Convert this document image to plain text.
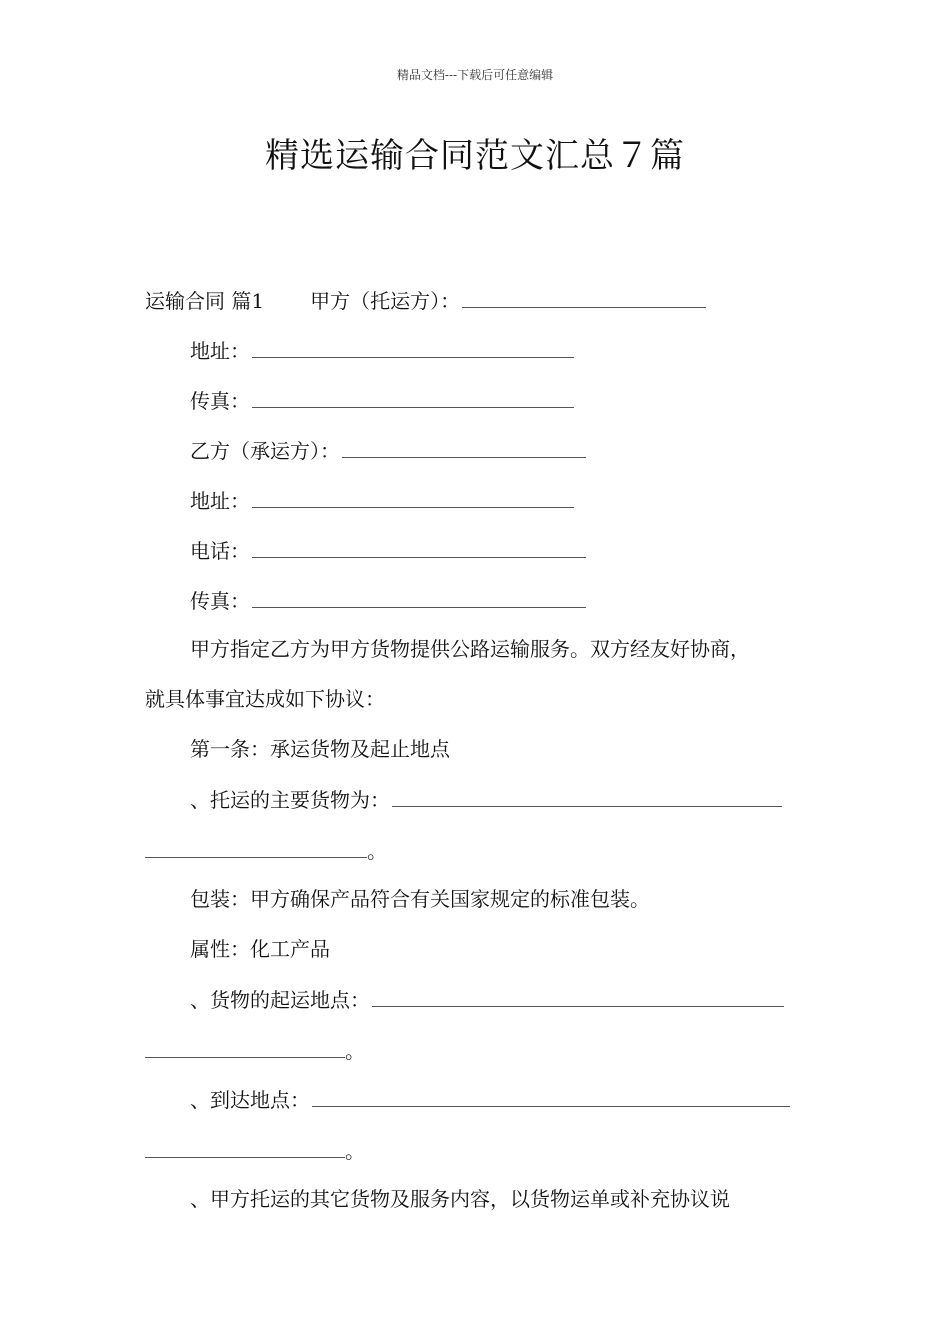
精品文档---下载后可任意编辑
精选运输合同范文汇总７篇
运输合同 篇1 甲方（托运方）：
地址：
传真：
乙方（承运方）：
地址：
电话：
传真：
甲方指定乙方为甲方货物提供公路运输服务。双方经友好协商，
就具体事宜达成如下协议：
第一条：承运货物及起止地点
、托运的主要货物为：
。
包装：甲方确保产品符合有关国家规定的标准包装。
属性：化工产品
、货物的起运地点：
。
、到达地点：
。
、甲方托运的其它货物及服务内容，以货物运单或补充协议说
